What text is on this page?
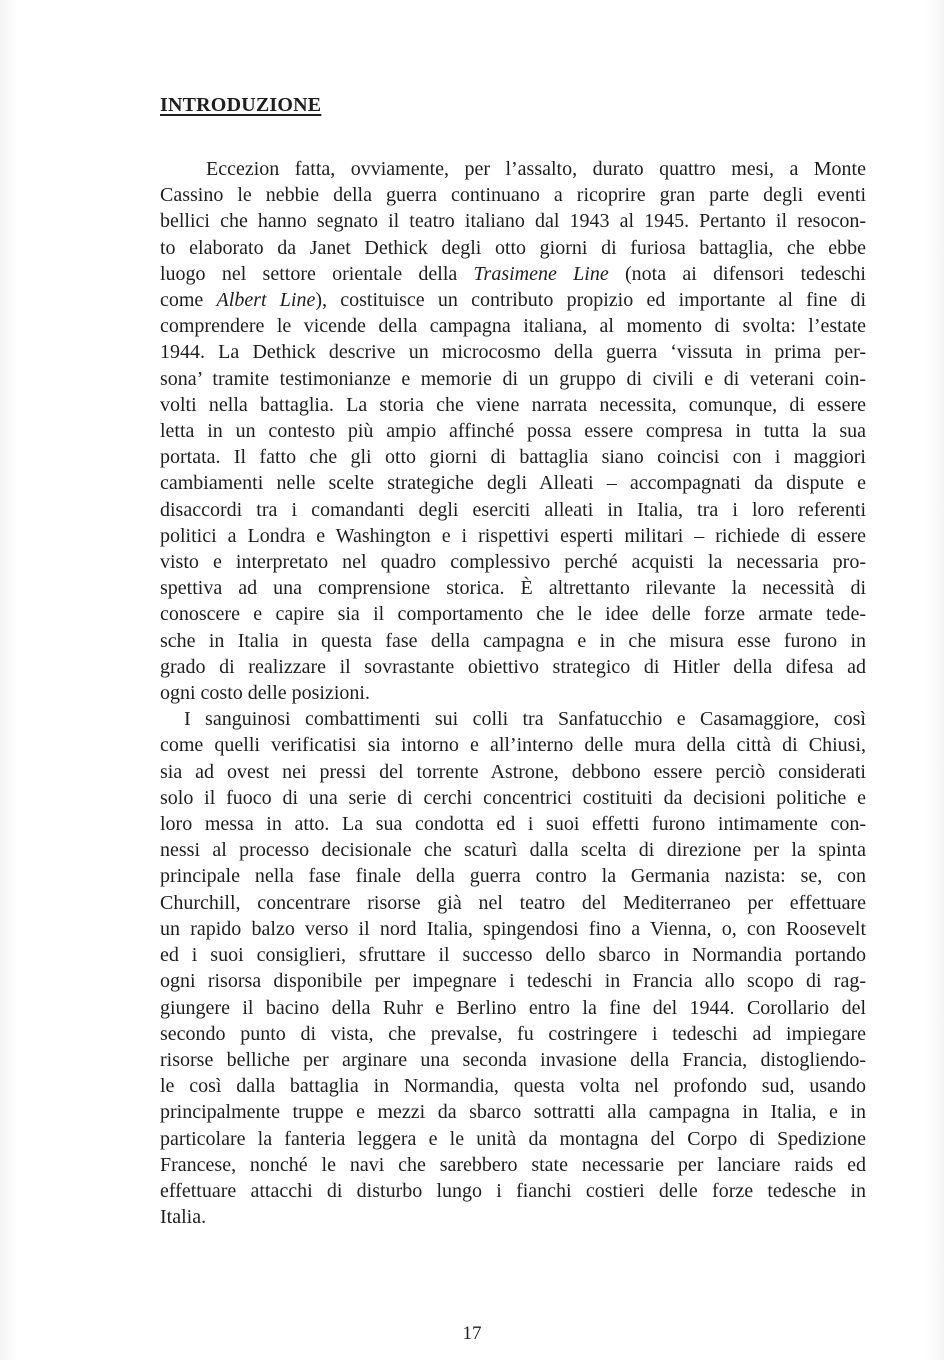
INTRODUZIONE

Eccezion fatta, ovviamente, per l’assalto, durato quattro mesi, a Monte
Cassino le nebbie della guerra continuano a ricoprire gran parte degli eventi
bellici che hanno segnato il teatro italiano dal 1943 al 1945. Pertanto il resocon-
to elaborato da Janet Dethick degli otto giorni di furiosa battaglia, che ebbe
luogo nel settore orientale della Trasimene Line (nota ai difensori tedeschi
come Albert Line), costituisce un contributo propizio ed importante al fine di
comprendere le vicende della campagna italiana, al momento di svolta: l’estate
1944. La Dethick descrive un microcosmo della guerra ‘vissuta in prima per-
sona’ tramite testimonianze e memorie di un gruppo di civili e di veterani coin-
volti nella battaglia. La storia che viene narrata necessita, comunque, di essere
letta in un contesto più ampio affinché possa essere compresa in tutta la sua
portata. Il fatto che gli otto giorni di battaglia siano coincisi con i maggiori
cambiamenti nelle scelte strategiche degli Alleati – accompagnati da dispute e
disaccordi tra i comandanti degli eserciti alleati in Italia, tra i loro referenti
politici a Londra e Washington e i rispettivi esperti militari – richiede di essere
visto e interpretato nel quadro complessivo perché acquisti la necessaria pro-
spettiva ad una comprensione storica. È altrettanto rilevante la necessità di
conoscere e capire sia il comportamento che le idee delle forze armate tede-
sche in Italia in questa fase della campagna e in che misura esse furono in
grado di realizzare il sovrastante obiettivo strategico di Hitler della difesa ad
ogni costo delle posizioni.

I sanguinosi combattimenti sui colli tra Sanfatucchio e Casamaggiore, così
come quelli verificatisi sia intorno e all’interno delle mura della città di Chiusi,
sia ad ovest nei pressi del torrente Astrone, debbono essere perciò considerati
solo il fuoco di una serie di cerchi concentrici costituiti da decisioni politiche e
loro messa in atto. La sua condotta ed i suoi effetti furono intimamente con-
nessi al processo decisionale che scaturì dalla scelta di direzione per la spinta
principale nella fase finale della guerra contro la Germania nazista: se, con
Churchill, concentrare risorse già nel teatro del Mediterraneo per effettuare
un rapido balzo verso il nord Italia, spingendosi fino a Vienna, o, con Roosevelt
ed i suoi consiglieri, sfruttare il successo dello sbarco in Normandia portando
ogni risorsa disponibile per impegnare i tedeschi in Francia allo scopo di rag-
giungere il bacino della Ruhr e Berlino entro la fine del 1944. Corollario del
secondo punto di vista, che prevalse, fu costringere i tedeschi ad impiegare
risorse belliche per arginare una seconda invasione della Francia, distogliendo-
le così dalla battaglia in Normandia, questa volta nel profondo sud, usando
principalmente truppe e mezzi da sbarco sottratti alla campagna in Italia, e in
particolare la fanteria leggera e le unità da montagna del Corpo di Spedizione
Francese, nonché le navi che sarebbero state necessarie per lanciare raids ed
effettuare attacchi di disturbo lungo i fianchi costieri delle forze tedesche in
Italia.

17
